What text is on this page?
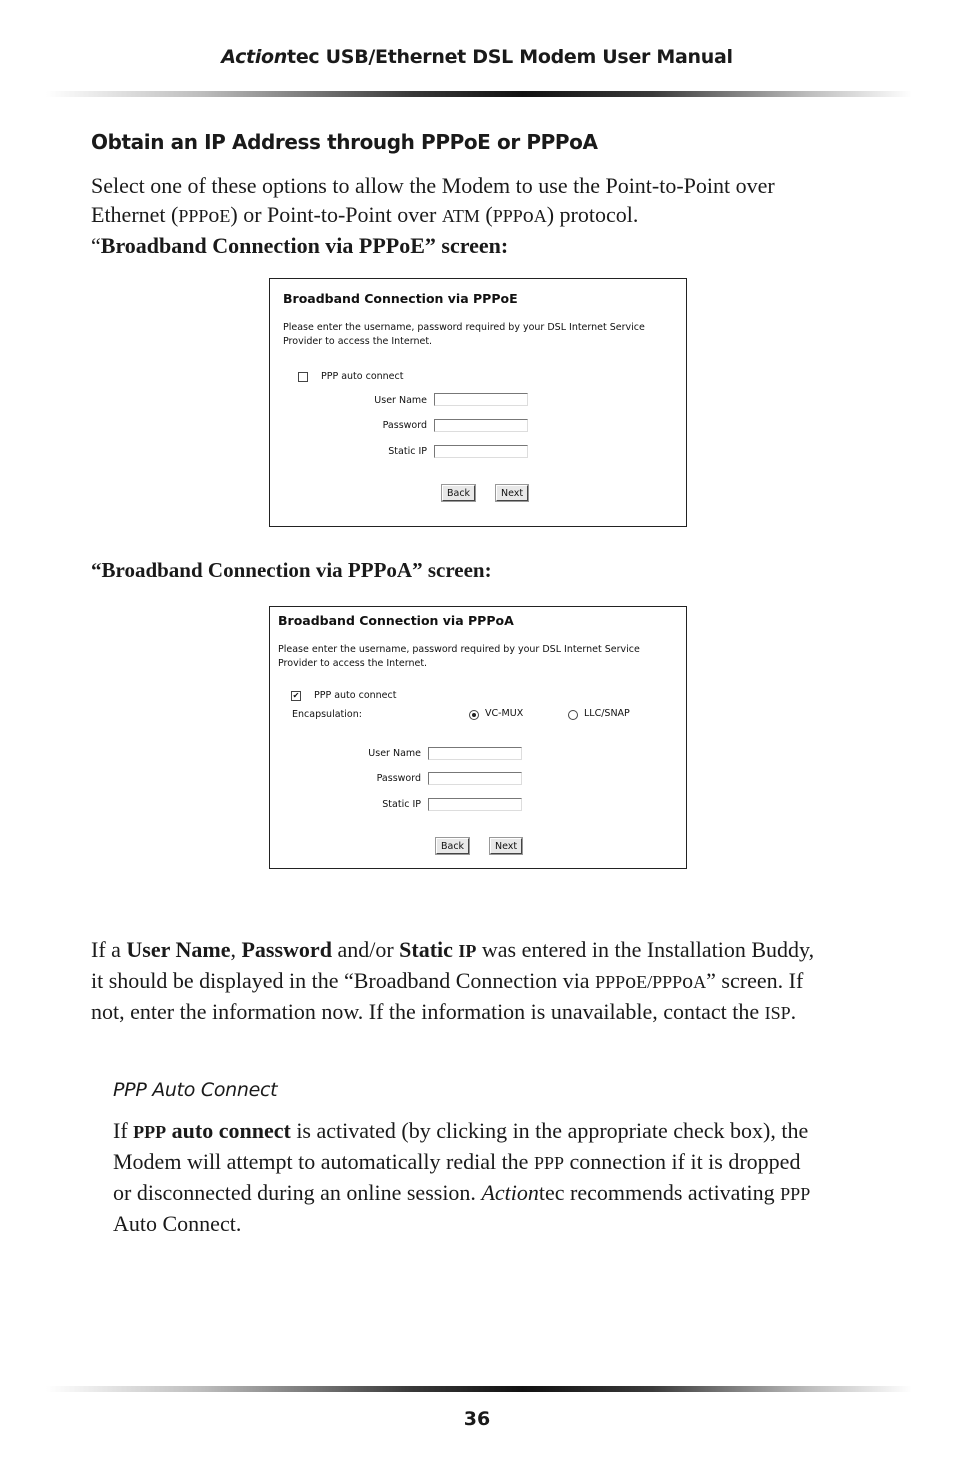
Actiontec USB/Ethernet DSL Modem User Manual
Obtain an IP Address through PPPoE or PPPoA
Select one of these options to allow the Modem to use the Point-to-Point over
Ethernet (PPPoE) or Point-to-Point over ATM (PPPoA) protocol.
“Broadband Connection via PPPoE” screen:
Broadband Connection via PPPoE
Please enter the username, password required by your DSL Internet Service Provider to access the Internet.
PPP auto connect
User Name
Password
Static IP
Back	Next
“Broadband Connection via PPPoA” screen:
Broadband Connection via PPPoA
Please enter the username, password required by your DSL Internet Service Provider to access the Internet.
✔ PPP auto connect
Encapsulation:	VC-MUX	LLC/SNAP
User Name
Password
Static IP
Back	Next
If a User Name, Password and/or Static IP was entered in the Installation Buddy,
it should be displayed in the “Broadband Connection via PPPoE/PPPoA” screen. If
not, enter the information now. If the information is unavailable, contact the ISP.
PPP Auto Connect
If PPP auto connect is activated (by clicking in the appropriate check box), the
Modem will attempt to automatically redial the PPP connection if it is dropped
or disconnected during an online session. Actiontec recommends activating PPP
Auto Connect.
36
